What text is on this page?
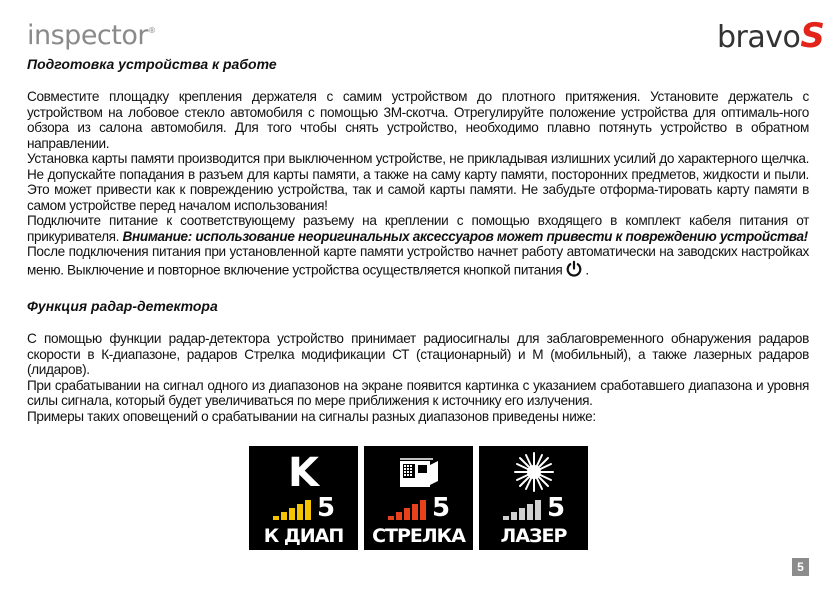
inspector®	bravoS

Подготовка устройства к работе

Совместите площадку крепления держателя с самим устройством до плотного притяжения. Установите держатель с устройством на лобовое стекло автомобиля с помощью 3М-скотча. Отрегулируйте положение устройства для оптималь-ного обзора из салона автомобиля. Для того чтобы снять устройство, необходимо плавно потянуть устройство в обратном направлении.

Установка карты памяти производится при выключенном устройстве, не прикладывая излишних усилий до характерного щелчка. Не допускайте попадания в разъем для карты памяти, а также на саму карту памяти, посторонних предметов, жидкости и пыли. Это может привести как к повреждению устройства, так и самой карты памяти. Не забудьте отформа-тировать карту памяти в самом устройстве перед началом использования!

Подключите питание к соответствующему разъему на креплении с помощью входящего в комплект кабеля питания от прикуривателя. Внимание: использование неоригинальных аксессуаров может привести к повреждению устройства!

После подключения питания при установленной карте памяти устройство начнет работу автоматически на заводских настройках меню. Выключение и повторное включение устройства осуществляется кнопкой питания .

Функция радар-детектора

С помощью функции радар-детектора устройство принимает радиосигналы для заблаговременного обнаружения радаров скорости в К-диапазоне, радаров Стрелка модификации СТ (стационарный) и М (мобильный), а также лазерных радаров (лидаров).

При срабатывании на сигнал одного из диапазонов на экране появится картинка с указанием сработавшего диапазона и уровня силы сигнала, который будет увеличиваться по мере приближения к источнику его излучения.

Примеры таких оповещений о срабатывании на сигналы разных диапазонов приведены ниже:

K
5
К ДИАП
5
СТРЕЛКА
5
ЛАЗЕР
5
